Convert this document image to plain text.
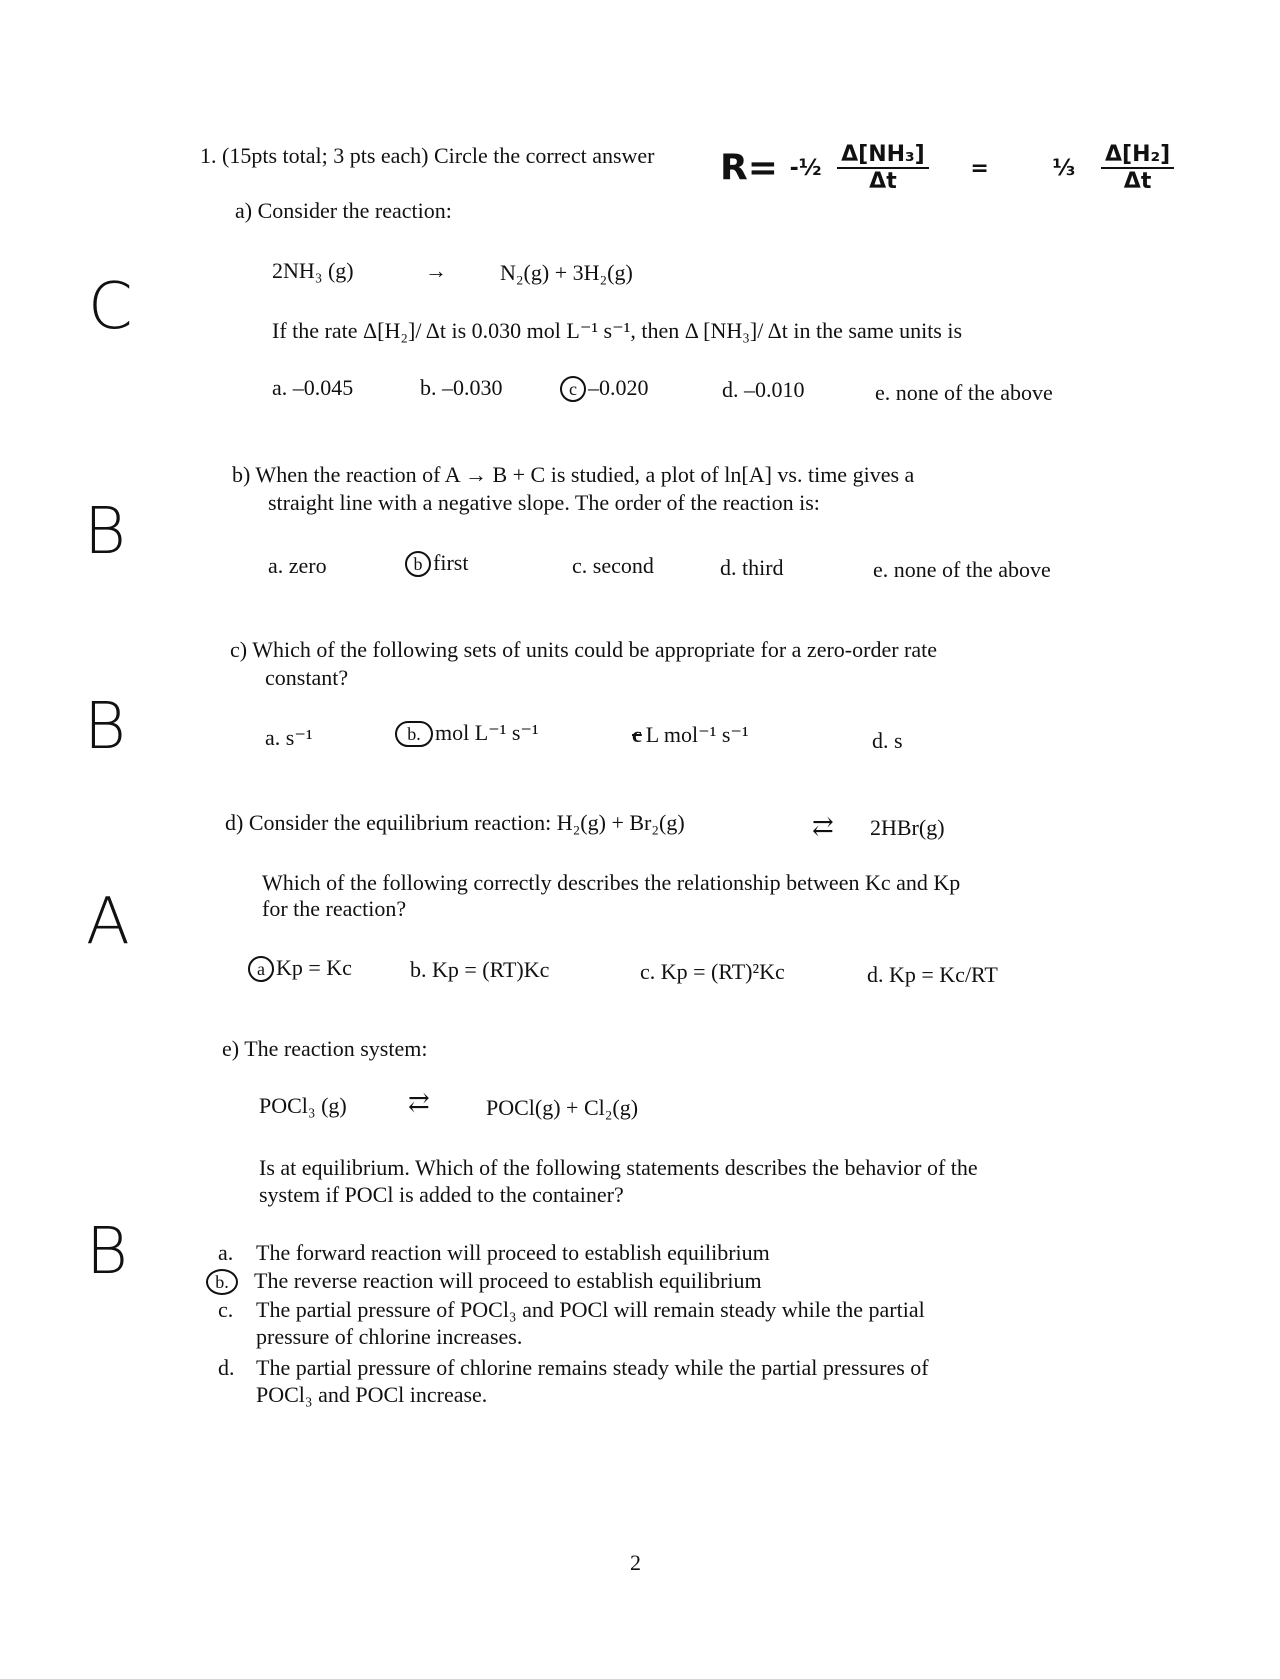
C
B
B
A
B
1. (15pts total; 3 pts each) Circle the correct answer R= -½ $\frac{\text{Δ[NH₃]}}{\Delta t}$ =	⅓ $\frac{\text{Δ[H₂]}}{\Delta t}$
a) Consider the reaction:
2NH₃ (g)	→ N₂(g) + 3H₂(g)
If the rate Δ[H₂]/ Δt is 0.030 mol L⁻¹ s⁻¹, then Δ [NH₃]/ Δt in the same units is
a. –0.045	b. –0.030	c –0.020	d. –0.010	e. none of the above
b) When the reaction of A → B + C is studied, a plot of ln[A] vs. time gives a
straight line with a negative slope. The order of the reaction is:
a. zero	b first	c. second	d. third	e. none of the above
c) Which of the following sets of units could be appropriate for a zero-order rate
constant?
a. s⁻¹	b. mol L⁻¹ s⁻¹	c L mol⁻¹ s⁻¹	d. s
d) Consider the equilibrium reaction: H₂(g) + Br₂(g)	⇄ 2HBr(g)
Which of the following correctly describes the relationship between Kc and Kp
for the reaction?
a Kp = Kc	b. Kp = (RT)Kc	c. Kp = (RT)²Kc	d. Kp = Kc/RT
e) The reaction system:
POCl₃ (g) ⇄	POCl(g) + Cl₂(g)
Is at equilibrium. Which of the following statements describes the behavior of the
system if POCl is added to the container?
a. The forward reaction will proceed to establish equilibrium
b. The reverse reaction will proceed to establish equilibrium
c. The partial pressure of POCl₃ and POCl will remain steady while the partial
pressure of chlorine increases.
d. The partial pressure of chlorine remains steady while the partial pressures of
POCl₃ and POCl increase.
2
